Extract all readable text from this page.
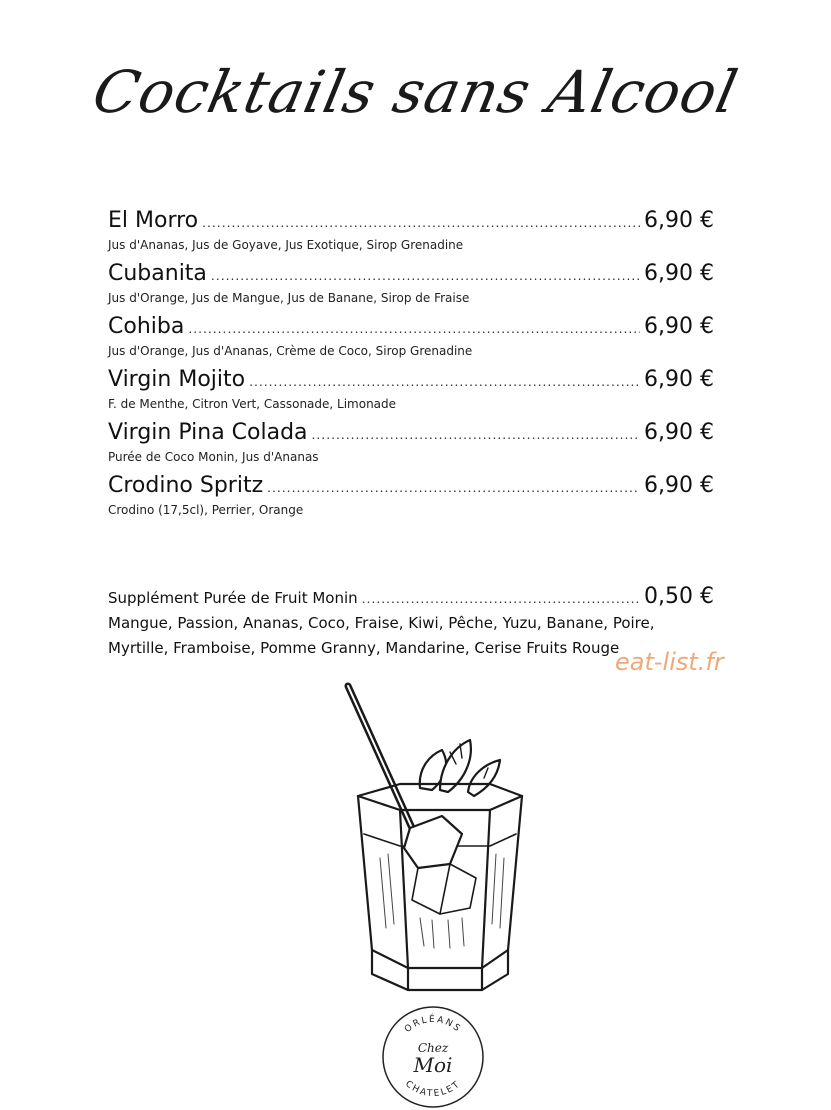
Cocktails sans Alcool
El Morro .....	6,90 €
Jus d'Ananas, Jus de Goyave, Jus Exotique, Sirop Grenadine
Cubanita .....	6,90 €
Jus d'Orange, Jus de Mangue, Jus de Banane, Sirop de Fraise
Cohiba .....	6,90 €
Jus d'Orange, Jus d'Ananas, Crème de Coco, Sirop Grenadine
Virgin Mojito .....	6,90 €
F. de Menthe, Citron Vert, Cassonade, Limonade
Virgin Pina Colada .....	6,90 €
Purée de Coco Monin, Jus d'Ananas
Crodino Spritz .....	6,90 €
Crodino (17,5cl), Perrier, Orange
Supplément Purée de Fruit Monin .....	0,50 €
Mangue, Passion, Ananas, Coco, Fraise, Kiwi, Pêche, Yuzu, Banane, Poire, Myrtille, Framboise, Pomme Granny, Mandarine, Cerise Fruits Rouge
eat-list.fr
ORLÉANS
CHATELET
Chez
Moi
